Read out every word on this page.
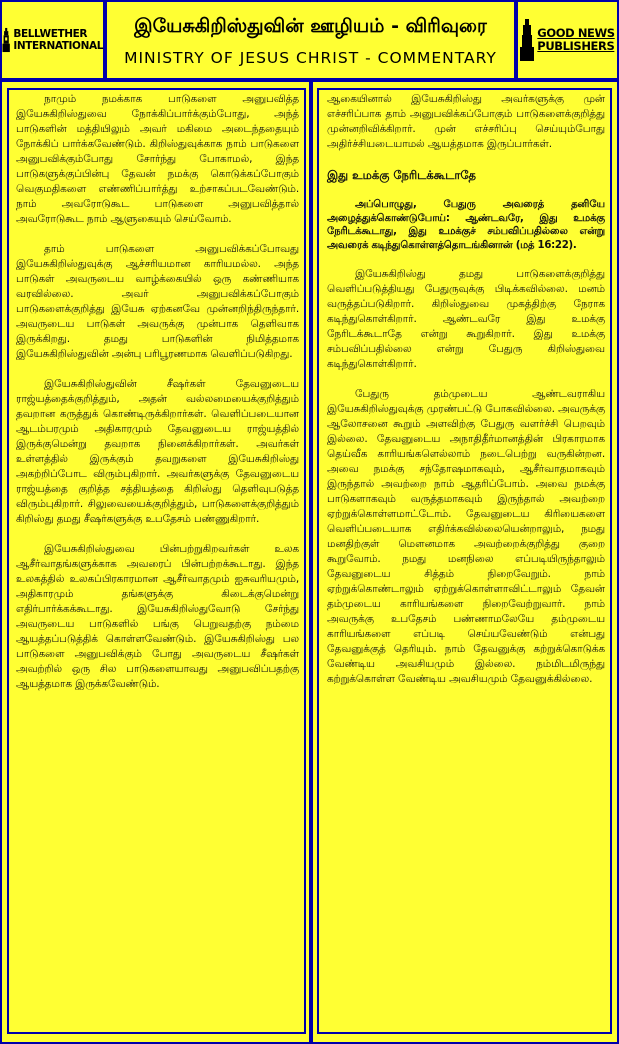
BELLWETHER
INTERNATIONAL
இயேசுகிறிஸ்துவின் ஊழியம் - விரிவுரை
MINISTRY OF JESUS CHRIST - COMMENTARY
GOOD NEWS
PUBLISHERS

நாமும் நமக்காக பாடுகளை அனுபவித்த இயேசுகிறிஸ்துவை நோக்கிப்பார்க்கும்போது, அந்த் பாடுகளின் மத்தியிலும் அவர் மகிமை அடைந்ததையும் நோக்கிப் பார்க்கவேண்டும். கிறிஸ்துவுக்காக நாம் பாடுகளை அனுபவிக்கும்போது சோர்ந்து போகாமல், இந்த பாடுகளுக்குப்பின்பு தேவன் நமக்கு கொடுக்கப்போகும் வெகுமதிகளை எண்ணிப்பார்த்து உற்சாகப்படவேண்டும். நாம் அவரோடுகூட பாடுகளை அனுபவித்தால் அவரோடுகூட நாம் ஆளுகையும் செய்வோம்.

தாம் பாடுகளை அனுபவிக்கப்போவது இயேசுகிறிஸ்துவுக்கு ஆச்சரியமான காரியமல்ல. அந்த பாடுகள் அவருடைய வாழ்க்கையில் ஒரு கண்ணியாக வரவில்லை. அவர் அனுபவிக்கப்போகும் பாடுகளைக்குறித்து இயேசு ஏற்கனவே முன்னறிந்திருந்தார். அவருடைய பாடுகள் அவருக்கு முன்பாக தெளிவாக இருக்கிறது. தமது பாடுகளின் நிமித்தமாக இயேசுகிறிஸ்துவின் அன்பு பரிபூரணமாக வெளிப்படுகிறது.

இயேசுகிறிஸ்துவின் சீஷர்கள் தேவனுடைய ராஜ்யத்தைக்குறித்தும், அதன் வல்லமையைக்குறித்தும் தவறான கருத்துக் கொண்டிருக்கிறார்கள். வெளிப்படையான ஆடம்பரமும் அதிகாரமும் தேவனுடைய ராஜ்யத்தில் இருக்குமென்று தவறாக நினைக்கிறார்கள். அவர்கள் உள்ளத்தில் இருக்கும் தவறுகளை இயேசுகிறிஸ்து அகற்றிப்போட விரும்புகிறார். அவர்களுக்கு தேவனுடைய ராஜ்யத்தை குறித்த சத்தியத்தை கிறிஸ்து தெளிவுபடுத்த விரும்புகிறார். சிலுவையைக்குறித்தும், பாடுகளைக்குறித்தும் கிறிஸ்து தமது சீஷர்களுக்கு உபதேசம் பண்ணுகிறார்.

இயேசுகிறிஸ்துவை பின்பற்றுகிறவர்கள் உலக ஆசீர்வாதங்களுக்காக அவரைப் பின்பற்றக்கூடாது. இந்த உலகத்தில் உலகப்பிரகாரமான ஆசீர்வாதமும் ஐசுவரியமும், அதிகாரமும் தங்களுக்கு கிடைக்குமென்று எதிர்பார்க்கக்கூடாது. இயேசுகிறிஸ்துவோடு சேர்ந்து அவருடைய பாடுகளில் பங்கு பெறுவதற்கு நம்மை ஆயத்தப்படுத்திக் கொள்ளவேண்டும். இயேசுகிறிஸ்து பல பாடுகளை அனுபவிக்கும் போது அவருடைய சீஷர்கள் அவற்றில் ஒரு சில பாடுகளையாவது அனுபவிப்பதற்கு ஆயத்தமாக இருக்கவேண்டும்.

ஆகையினால் இயேசுகிறிஸ்து அவர்களுக்கு முன் எச்சரிப்பாக தாம் அனுபவிக்கப்போகும் பாடுகளைக்குறித்து முன்னறிவிக்கிறார். முன் எச்சரிப்பு செய்யும்போது அதிர்ச்சியடையாமல் ஆயத்தமாக இருப்பார்கள்.

இது உமக்கு நேரிடக்கூடாதே

அப்பொழுது, பேதுரு அவரைத் தனியே அழைத்துக்கொண்டுபோய்: ஆண்டவரே, இது உமக்கு நேரிடக்கூடாது, இது உமக்குச் சம்பவிப்பதில்லை என்று அவரைக் கடிந்துகொள்ளத்தொடங்கினான் (மத் 16:22).

இயேசுகிறிஸ்து தமது பாடுகளைக்குறித்து வெளிப்படுத்தியது பேதுருவுக்கு பிடிக்கவில்லை. மனம் வருத்தப்படுகிறார். கிறிஸ்துவை முகத்திற்கு நேராக கடிந்துகொள்கிறார். ஆண்டவரே இது உமக்கு நேரிடக்கூடாதே என்று கூறுகிறார். இது உமக்கு சம்பவிப்பதில்லை என்று பேதுரு கிறிஸ்துவை கடிந்துகொள்கிறார்.

பேதுரு தம்முடைய ஆண்டவராகிய இயேசுகிறிஸ்துவுக்கு முரண்பட்டு போகவில்லை. அவருக்கு ஆலோசனை கூறும் அளவிற்கு பேதுரு வளர்ச்சி பெறவும் இல்லை. தேவனுடைய அநாதிதீர்மானத்தின் பிரகாரமாக தெய்வீக காரியங்களெல்லாம் நடைபெற்று வருகின்றன. அவை நமக்கு சந்தோஷமாகவும், ஆசீர்வாதமாகவும் இருந்தால் அவற்றை நாம் ஆதரிப்போம். அவை நமக்கு பாடுகளாகவும் வருத்தமாகவும் இருந்தால் அவற்றை ஏற்றுக்கொள்ளமாட்டோம். தேவனுடைய கிரியைகளை வெளிப்படையாக எதிர்க்கவில்லையென்றாலும், நமது மனதிற்குள் மௌனமாக அவற்றைக்குறித்து குறை கூறுவோம். நமது மனநிலை எப்படியிருந்தாலும் தேவனுடைய சித்தம் நிறைவேறும். நாம் ஏற்றுக்கொண்டாலும் ஏற்றுக்கொள்ளாவிட்டாலும் தேவன் தம்முடைய காரியங்களை நிறைவேற்றுவார். நாம் அவருக்கு உபதேசம் பண்ணாமலேயே தம்முடைய காரியங்களை எப்படி செய்யவேண்டும் என்பது தேவனுக்குத் தெரியும். நாம் தேவனுக்கு கற்றுக்கொடுக்க வேண்டிய அவசியமும் இல்லை. நம்மிடமிருந்து கற்றுக்கொள்ள வேண்டிய அவசியமும் தேவனுக்கில்லை.
